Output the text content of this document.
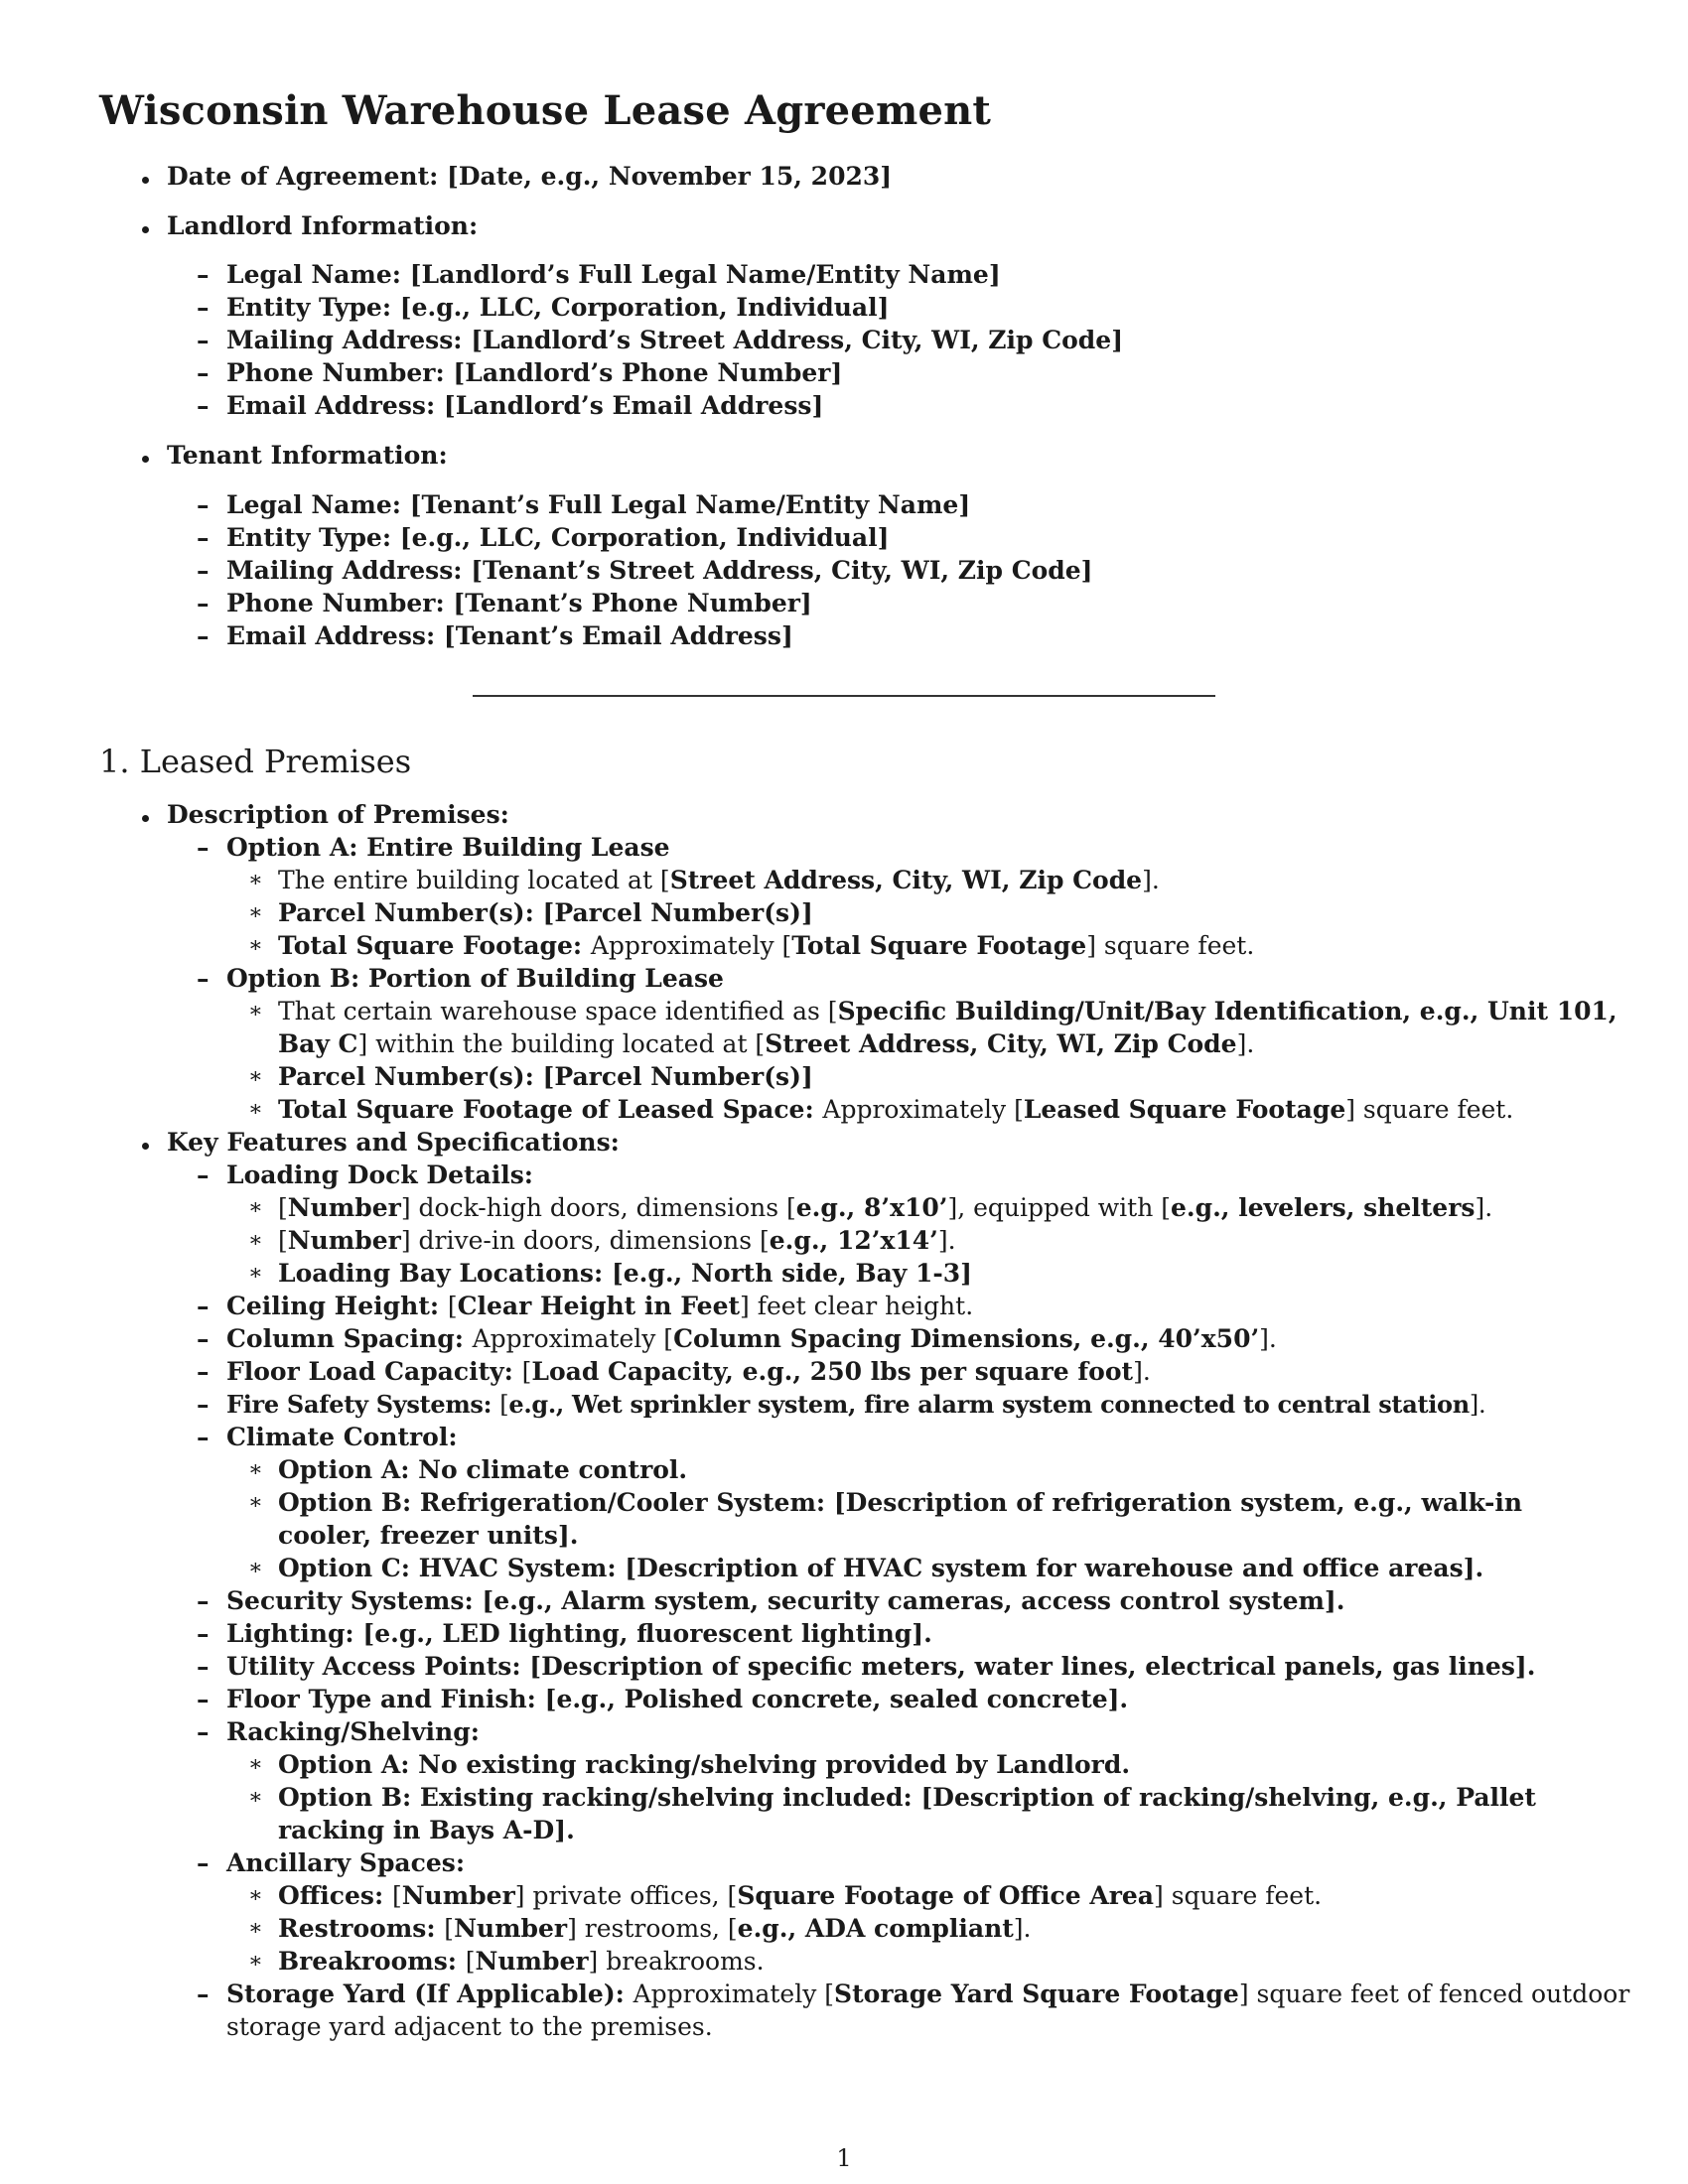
Wisconsin Warehouse Lease Agreement
Date of Agreement: [Date, e.g., November 15, 2023]
Landlord Information:
– Legal Name: [Landlord’s Full Legal Name/Entity Name]
– Entity Type: [e.g., LLC, Corporation, Individual]
– Mailing Address: [Landlord’s Street Address, City, WI, Zip Code]
– Phone Number: [Landlord’s Phone Number]
– Email Address: [Landlord’s Email Address]
Tenant Information:
– Legal Name: [Tenant’s Full Legal Name/Entity Name]
– Entity Type: [e.g., LLC, Corporation, Individual]
– Mailing Address: [Tenant’s Street Address, City, WI, Zip Code]
– Phone Number: [Tenant’s Phone Number]
– Email Address: [Tenant’s Email Address]
1. Leased Premises
Description of Premises:
– Option A: Entire Building Lease
∗ The entire building located at [Street Address, City, WI, Zip Code].
∗ Parcel Number(s): [Parcel Number(s)]
∗ Total Square Footage: Approximately [Total Square Footage] square feet.
– Option B: Portion of Building Lease
∗ That certain warehouse space identified as [Specific Building/Unit/Bay Identification, e.g., Unit 101,
Bay C] within the building located at [Street Address, City, WI, Zip Code].
∗ Parcel Number(s): [Parcel Number(s)]
∗ Total Square Footage of Leased Space: Approximately [Leased Square Footage] square feet.
Key Features and Specifications:
– Loading Dock Details:
∗ [Number] dock-high doors, dimensions [e.g., 8’x10’], equipped with [e.g., levelers, shelters].
∗ [Number] drive-in doors, dimensions [e.g., 12’x14’].
∗ Loading Bay Locations: [e.g., North side, Bay 1-3]
– Ceiling Height: [Clear Height in Feet] feet clear height.
– Column Spacing: Approximately [Column Spacing Dimensions, e.g., 40’x50’].
– Floor Load Capacity: [Load Capacity, e.g., 250 lbs per square foot].
– Fire Safety Systems: [e.g., Wet sprinkler system, fire alarm system connected to central station].
– Climate Control:
∗ Option A: No climate control.
∗ Option B: Refrigeration/Cooler System: [Description of refrigeration system, e.g., walk-in
cooler, freezer units].
∗ Option C: HVAC System: [Description of HVAC system for warehouse and office areas].
– Security Systems: [e.g., Alarm system, security cameras, access control system].
– Lighting: [e.g., LED lighting, fluorescent lighting].
– Utility Access Points: [Description of specific meters, water lines, electrical panels, gas lines].
– Floor Type and Finish: [e.g., Polished concrete, sealed concrete].
– Racking/Shelving:
∗ Option A: No existing racking/shelving provided by Landlord.
∗ Option B: Existing racking/shelving included: [Description of racking/shelving, e.g., Pallet
racking in Bays A-D].
– Ancillary Spaces:
∗ Offices: [Number] private offices, [Square Footage of Office Area] square feet.
∗ Restrooms: [Number] restrooms, [e.g., ADA compliant].
∗ Breakrooms: [Number] breakrooms.
– Storage Yard (If Applicable): Approximately [Storage Yard Square Footage] square feet of fenced outdoor
storage yard adjacent to the premises.
1
